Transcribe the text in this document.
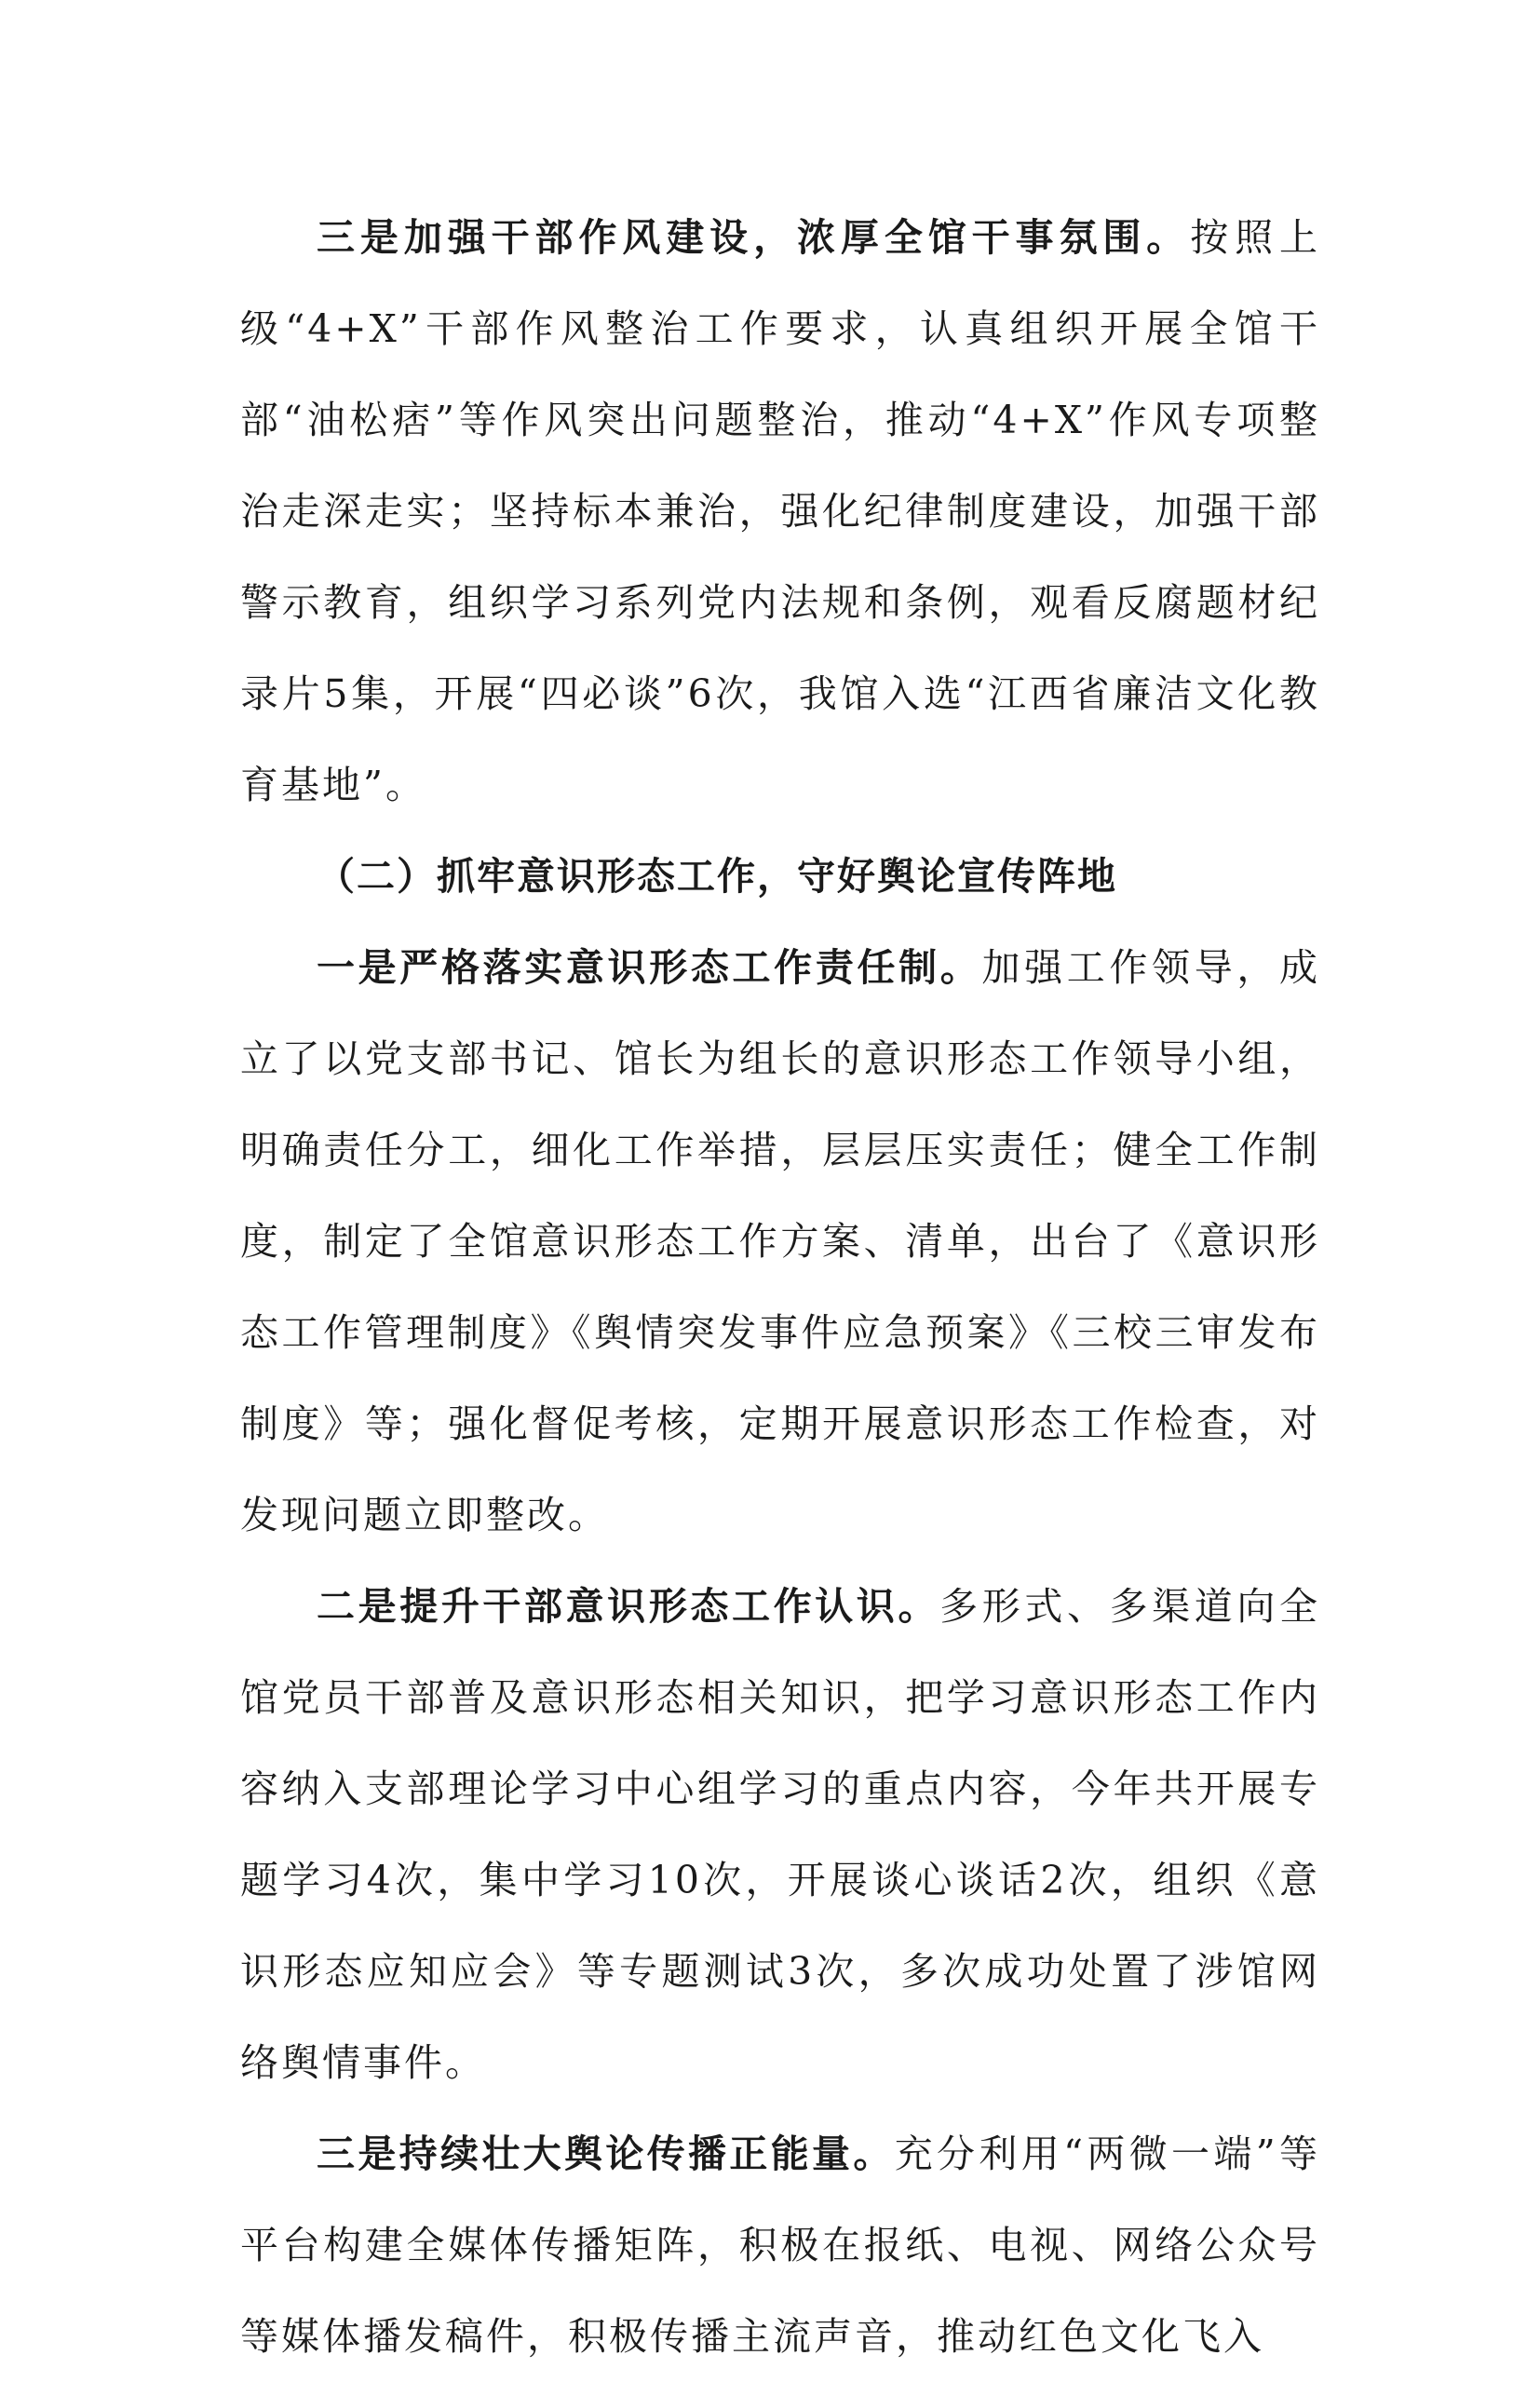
三是加强干部作风建设，浓厚全馆干事氛围。按照上级“4+X”干部作风整治工作要求，认真组织开展全馆干部“油松痞”等作风突出问题整治，推动“4+X”作风专项整治走深走实；坚持标本兼治，强化纪律制度建设，加强干部警示教育，组织学习系列党内法规和条例，观看反腐题材纪录片5集，开展“四必谈”6次，我馆入选“江西省廉洁文化教育基地”。

（二）抓牢意识形态工作，守好舆论宣传阵地

一是严格落实意识形态工作责任制。加强工作领导，成立了以党支部书记、馆长为组长的意识形态工作领导小组，明确责任分工，细化工作举措，层层压实责任；健全工作制度，制定了全馆意识形态工作方案、清单，出台了《意识形态工作管理制度》《舆情突发事件应急预案》《三校三审发布制度》等；强化督促考核，定期开展意识形态工作检查，对发现问题立即整改。

二是提升干部意识形态工作认识。多形式、多渠道向全馆党员干部普及意识形态相关知识，把学习意识形态工作内容纳入支部理论学习中心组学习的重点内容，今年共开展专题学习4次，集中学习10次，开展谈心谈话2次，组织《意识形态应知应会》等专题测试3次，多次成功处置了涉馆网络舆情事件。

三是持续壮大舆论传播正能量。充分利用“两微一端”等平台构建全媒体传播矩阵，积极在报纸、电视、网络公众号等媒体播发稿件，积极传播主流声音，推动红色文化飞入
